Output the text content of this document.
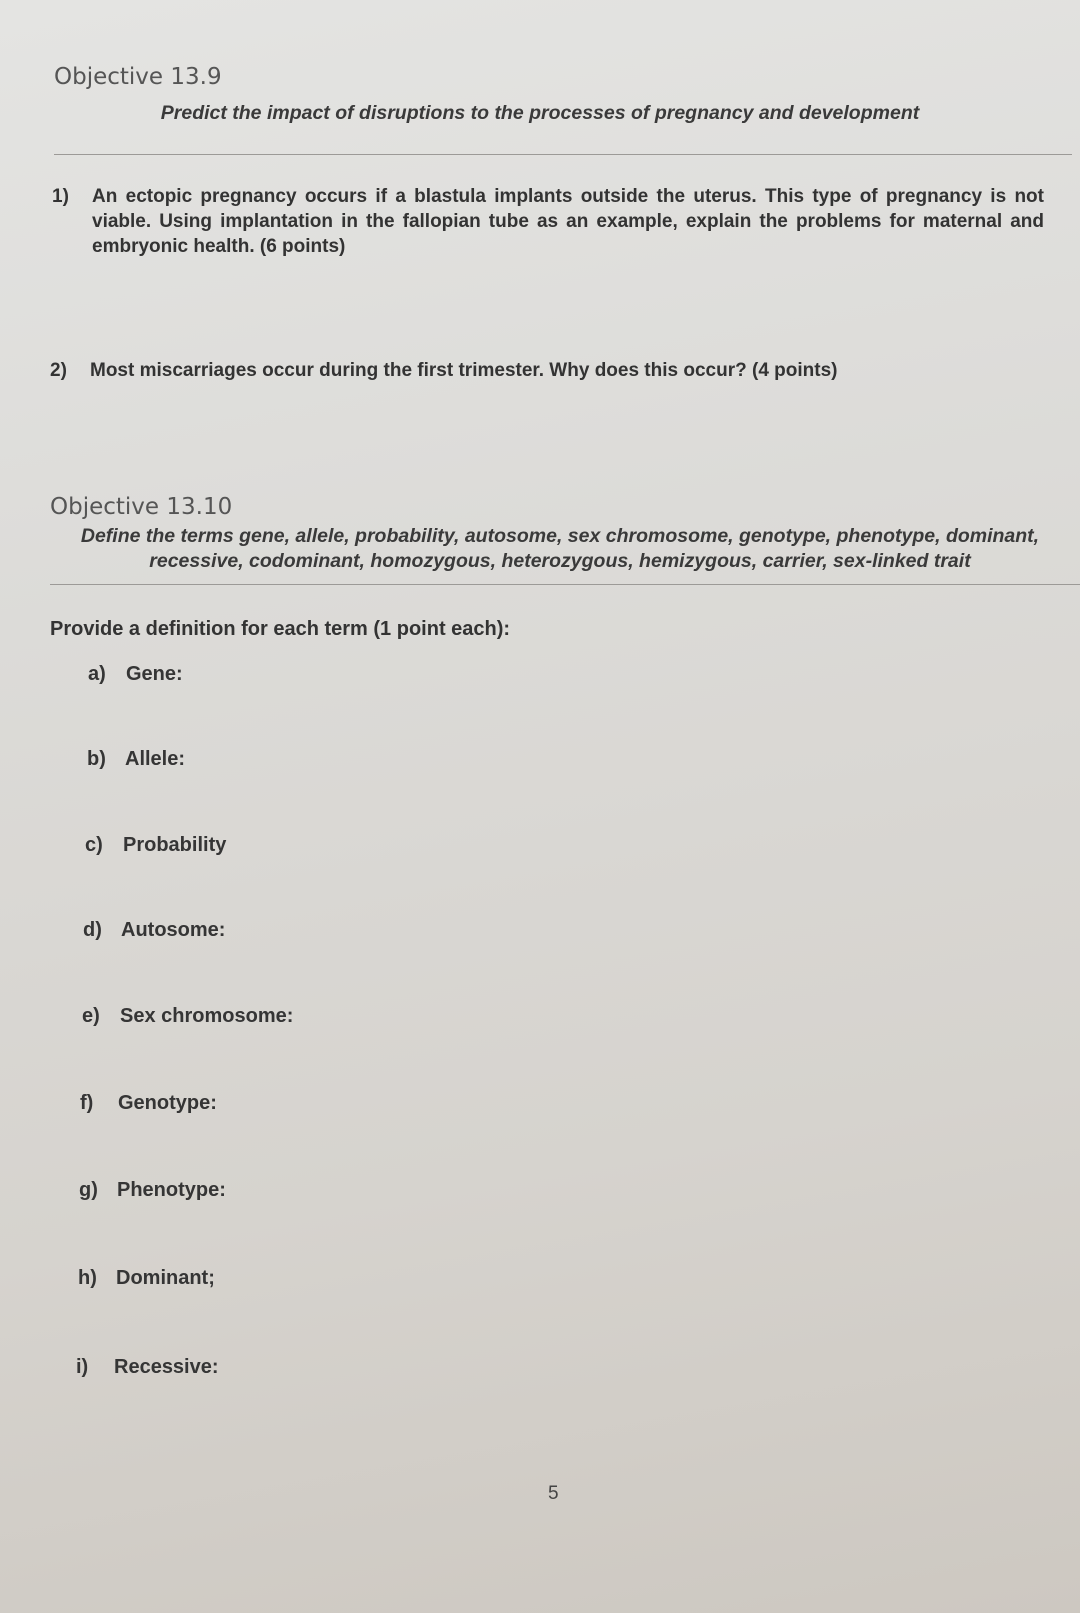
Objective 13.9

Predict the impact of disruptions to the processes of pregnancy and development

1) An ectopic pregnancy occurs if a blastula implants outside the uterus. This type of pregnancy is not viable. Using implantation in the fallopian tube as an example, explain the problems for maternal and embryonic health. (6 points)
2) Most miscarriages occur during the first trimester. Why does this occur? (4 points)
Objective 13.10

Define the terms gene, allele, probability, autosome, sex chromosome, genotype, phenotype, dominant,
recessive, codominant, homozygous, heterozygous, hemizygous, carrier, sex-linked trait

Provide a definition for each term (1 point each):

a) Gene:
b) Allele:
c) Probability
d) Autosome:
e) Sex chromosome:
f) Genotype:
g) Phenotype:
h) Dominant;
i) Recessive:
5
